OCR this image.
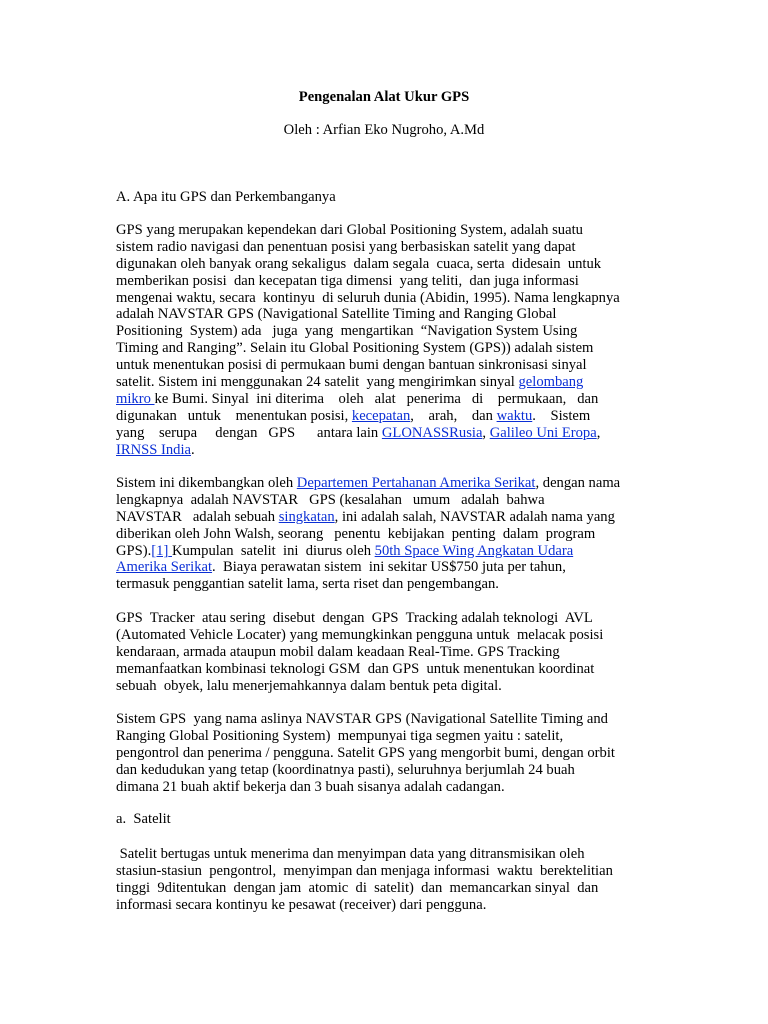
Pengenalan Alat Ukur GPS
Oleh : Arfian Eko Nugroho, A.Md
A. Apa itu GPS dan Perkembanganya
GPS yang merupakan kependekan dari Global Positioning System, adalah suatu
sistem radio navigasi dan penentuan posisi yang berbasiskan satelit yang dapat
digunakan oleh banyak orang sekaligus  dalam segala  cuaca, serta  didesain  untuk
memberikan posisi  dan kecepatan tiga dimensi  yang teliti,  dan juga informasi
mengenai waktu, secara  kontinyu  di seluruh dunia (Abidin, 1995). Nama lengkapnya
adalah NAVSTAR GPS (Navigational Satellite Timing and Ranging Global
Positioning  System) ada   juga  yang  mengartikan  “Navigation System Using
Timing and Ranging”. Selain itu Global Positioning System (GPS)) adalah sistem
untuk menentukan posisi di permukaan bumi dengan bantuan sinkronisasi sinyal
satelit. Sistem ini menggunakan 24 satelit  yang mengirimkan sinyal gelombang
mikro ke Bumi. Sinyal  ini diterima    oleh   alat   penerima   di    permukaan,   dan
digunakan   untuk    menentukan posisi, kecepatan,    arah,    dan waktu.    Sistem
yang    serupa     dengan   GPS      antara lain GLONASSRusia, Galileo Uni Eropa,
IRNSS India.
Sistem ini dikembangkan oleh Departemen Pertahanan Amerika Serikat, dengan nama
lengkapnya  adalah NAVSTAR   GPS (kesalahan   umum   adalah  bahwa
NAVSTAR   adalah sebuah singkatan, ini adalah salah, NAVSTAR adalah nama yang
diberikan oleh John Walsh, seorang   penentu  kebijakan  penting  dalam  program
GPS).[1] Kumpulan  satelit  ini  diurus oleh 50th Space Wing Angkatan Udara
Amerika Serikat.  Biaya perawatan sistem  ini sekitar US$750 juta per tahun,
termasuk penggantian satelit lama, serta riset dan pengembangan.
GPS  Tracker  atau sering  disebut  dengan  GPS  Tracking adalah teknologi  AVL
(Automated Vehicle Locater) yang memungkinkan pengguna untuk  melacak posisi
kendaraan, armada ataupun mobil dalam keadaan Real-Time. GPS Tracking
memanfaatkan kombinasi teknologi GSM  dan GPS  untuk menentukan koordinat
sebuah  obyek, lalu menerjemahkannya dalam bentuk peta digital.
Sistem GPS  yang nama aslinya NAVSTAR GPS (Navigational Satellite Timing and
Ranging Global Positioning System)  mempunyai tiga segmen yaitu : satelit,
pengontrol dan penerima / pengguna. Satelit GPS yang mengorbit bumi, dengan orbit
dan kedudukan yang tetap (koordinatnya pasti), seluruhnya berjumlah 24 buah
dimana 21 buah aktif bekerja dan 3 buah sisanya adalah cadangan.
a.  Satelit
Satelit bertugas untuk menerima dan menyimpan data yang ditransmisikan oleh
stasiun-stasiun  pengontrol,  menyimpan dan menjaga informasi  waktu  berektelitian
tinggi  9ditentukan  dengan jam  atomic  di  satelit)  dan  memancarkan sinyal  dan
informasi secara kontinyu ke pesawat (receiver) dari pengguna.
